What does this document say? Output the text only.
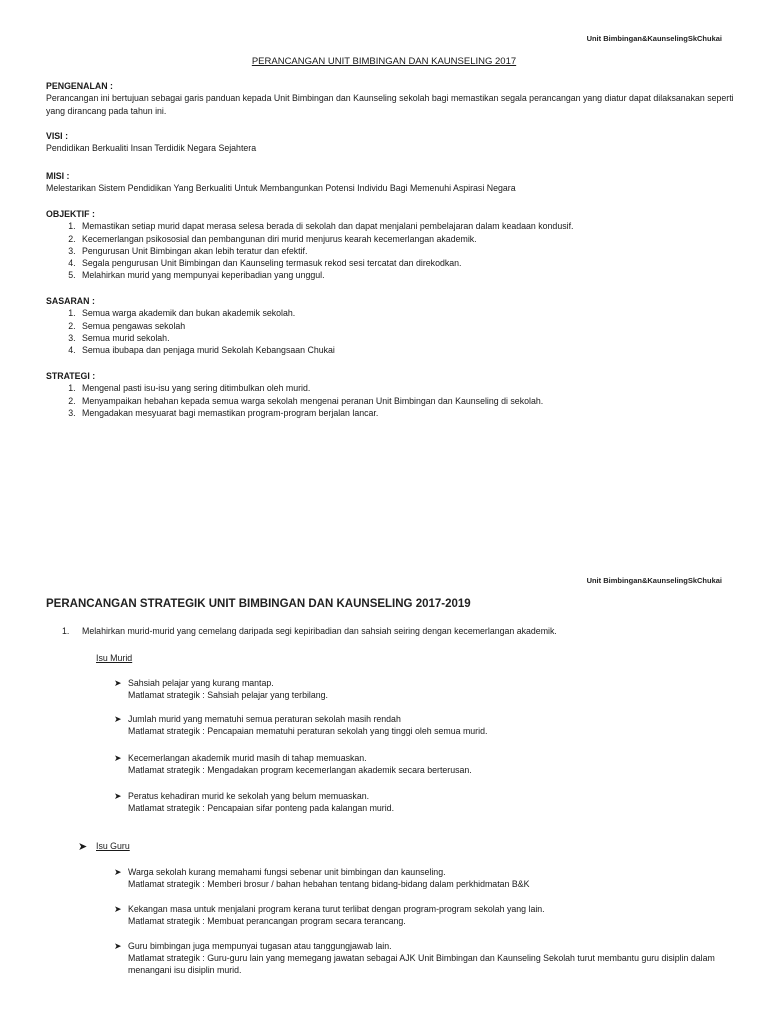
Unit Bimbingan&KaunselingSkChukai
PERANCANGAN UNIT BIMBINGAN DAN KAUNSELING 2017
PENGENALAN :
Perancangan ini bertujuan sebagai garis panduan kepada Unit Bimbingan dan Kaunseling sekolah bagi memastikan segala perancangan yang diatur dapat dilaksanakan seperti yang dirancang pada tahun ini.
VISI :
Pendidikan Berkualiti Insan Terdidik Negara Sejahtera
MISI :
Melestarikan Sistem Pendidikan Yang Berkualiti Untuk Membangunkan Potensi Individu Bagi Memenuhi Aspirasi Negara
OBJEKTIF :
1. Memastikan setiap murid dapat merasa selesa berada di sekolah dan dapat menjalani pembelajaran dalam keadaan kondusif.
2. Kecemerlangan psikososial dan pembangunan diri murid menjurus kearah kecemerlangan akademik.
3. Pengurusan Unit Bimbingan akan lebih teratur dan efektif.
4. Segala pengurusan Unit Bimbingan dan Kaunseling termasuk rekod sesi tercatat dan direkodkan.
5. Melahirkan murid yang mempunyai keperibadian yang unggul.
SASARAN :
1. Semua warga akademik dan bukan akademik sekolah.
2. Semua pengawas sekolah
3. Semua murid sekolah.
4. Semua ibubapa dan penjaga murid Sekolah Kebangsaan Chukai
STRATEGI :
1. Mengenal pasti isu-isu yang sering ditimbulkan oleh murid.
2. Menyampaikan hebahan kepada semua warga sekolah mengenai peranan Unit Bimbingan dan Kaunseling di sekolah.
3. Mengadakan mesyuarat bagi memastikan program-program berjalan lancar.
Unit Bimbingan&KaunselingSkChukai
PERANCANGAN STRATEGIK UNIT BIMBINGAN DAN KAUNSELING 2017-2019
1. Melahirkan murid-murid yang cemelang daripada segi kepiribadian dan sahsiah seiring dengan kecemerlangan akademik.
Isu Murid
➤ Sahsiah pelajar yang kurang mantap.
Matlamat strategik : Sahsiah pelajar yang terbilang.
➤ Jumlah murid yang mematuhi semua peraturan sekolah masih rendah
Matlamat strategik : Pencapaian mematuhi peraturan sekolah yang tinggi oleh semua murid.
➤ Kecemerlangan akademik murid masih di tahap memuaskan.
Matlamat strategik : Mengadakan program kecemerlangan akademik secara berterusan.
➤ Peratus kehadiran murid ke sekolah yang belum memuaskan.
Matlamat strategik : Pencapaian sifar ponteng pada kalangan murid.
➤ Isu Guru
➤ Warga sekolah kurang memahami fungsi sebenar unit bimbingan dan kaunseling.
Matlamat strategik : Memberi brosur / bahan hebahan tentang bidang-bidang dalam perkhidmatan B&K
➤ Kekangan masa untuk menjalani program kerana turut terlibat dengan program-program sekolah yang lain.
Matlamat strategik : Membuat perancangan program secara terancang.
➤ Guru bimbingan juga mempunyai tugasan atau tanggungjawab lain.
Matlamat strategik : Guru-guru lain yang memegang jawatan sebagai AJK Unit Bimbingan dan Kaunseling Sekolah turut membantu guru disiplin dalam menangani isu disiplin murid.
